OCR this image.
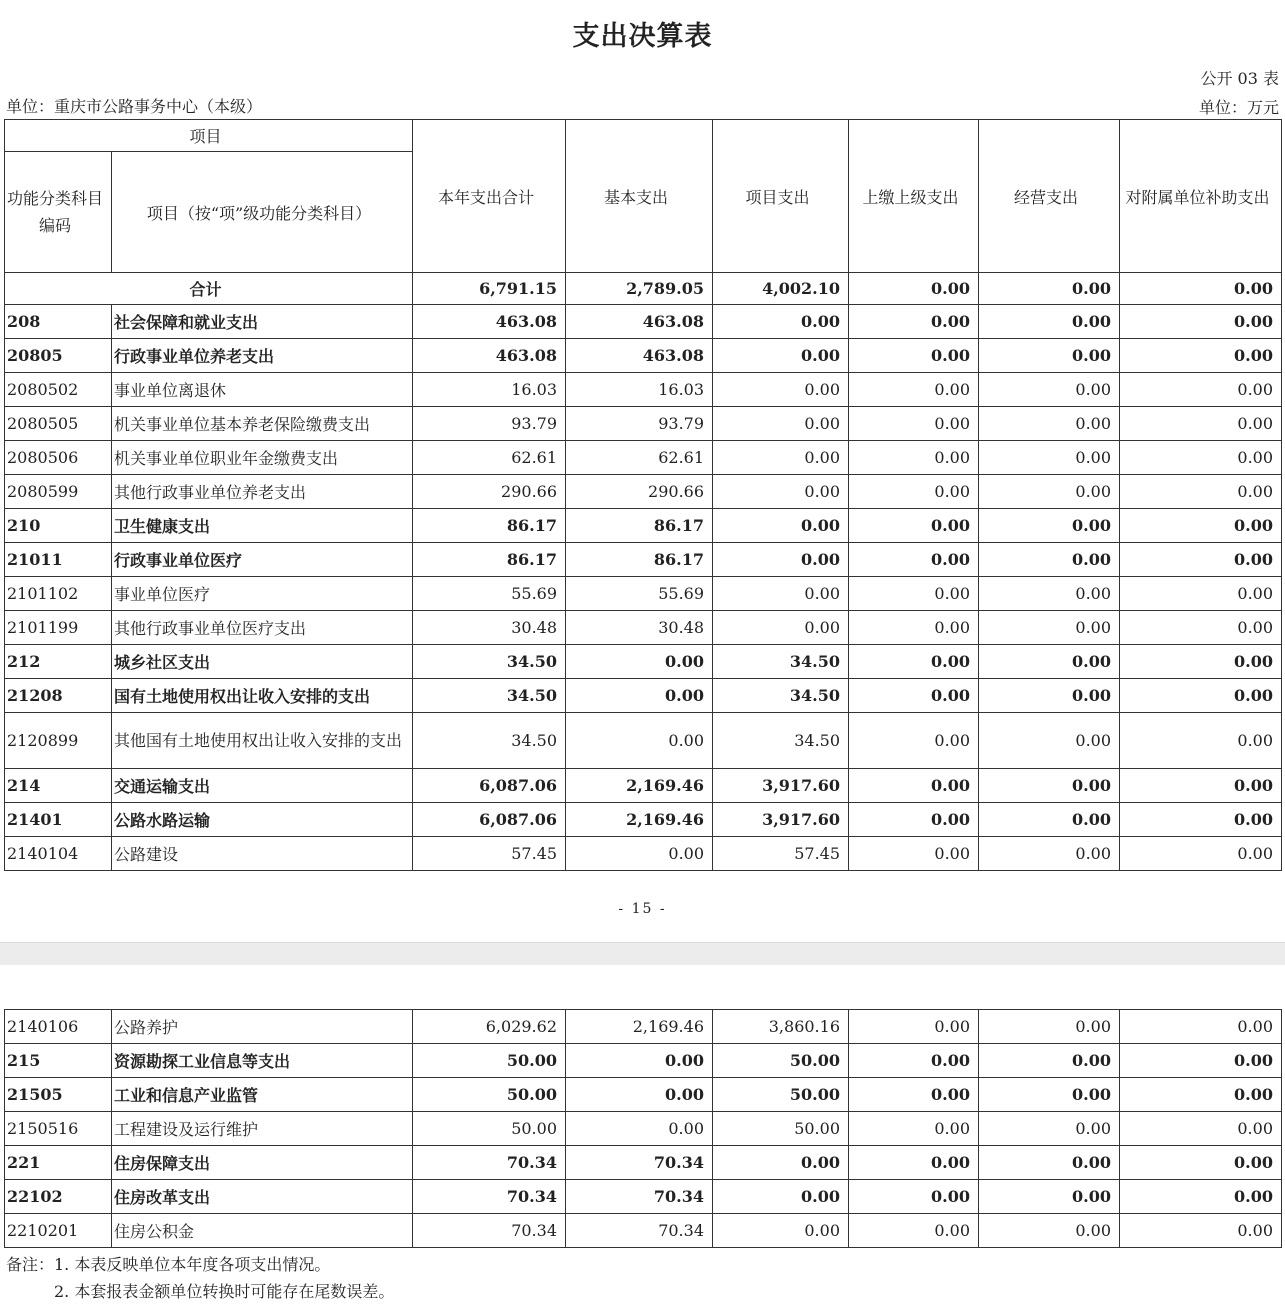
支出决算表
公开 03 表
单位：重庆市公路事务中心（本级）	单位：万元
项目		本年支出合计	基本支出	项目支出	上缴上级支出	经营支出	对附属单位补助支出
功能分类科目编码	项目（按“项”级功能分类科目）						
合计		6,791.15	2,789.05	4,002.10	0.00	0.00	0.00
208	社会保障和就业支出	463.08	463.08	0.00	0.00	0.00	0.00
20805	行政事业单位养老支出	463.08	463.08	0.00	0.00	0.00	0.00
2080502	事业单位离退休	16.03	16.03	0.00	0.00	0.00	0.00
2080505	机关事业单位基本养老保险缴费支出	93.79	93.79	0.00	0.00	0.00	0.00
2080506	机关事业单位职业年金缴费支出	62.61	62.61	0.00	0.00	0.00	0.00
2080599	其他行政事业单位养老支出	290.66	290.66	0.00	0.00	0.00	0.00
210	卫生健康支出	86.17	86.17	0.00	0.00	0.00	0.00
21011	行政事业单位医疗	86.17	86.17	0.00	0.00	0.00	0.00
2101102	事业单位医疗	55.69	55.69	0.00	0.00	0.00	0.00
2101199	其他行政事业单位医疗支出	30.48	30.48	0.00	0.00	0.00	0.00
212	城乡社区支出	34.50	0.00	34.50	0.00	0.00	0.00
21208	国有土地使用权出让收入安排的支出	34.50	0.00	34.50	0.00	0.00	0.00
2120899	其他国有土地使用权出让收入安排的支出	34.50	0.00	34.50	0.00	0.00	0.00
214	交通运输支出	6,087.06	2,169.46	3,917.60	0.00	0.00	0.00
21401	公路水路运输	6,087.06	2,169.46	3,917.60	0.00	0.00	0.00
2140104	公路建设	57.45	0.00	57.45	0.00	0.00	0.00
- 15 -
2140106	公路养护	6,029.62	2,169.46	3,860.16	0.00	0.00	0.00
215	资源勘探工业信息等支出	50.00	0.00	50.00	0.00	0.00	0.00
21505	工业和信息产业监管	50.00	0.00	50.00	0.00	0.00	0.00
2150516	工程建设及运行维护	50.00	0.00	50.00	0.00	0.00	0.00
221	住房保障支出	70.34	70.34	0.00	0.00	0.00	0.00
22102	住房改革支出	70.34	70.34	0.00	0.00	0.00	0.00
2210201	住房公积金	70.34	70.34	0.00	0.00	0.00	0.00
备注：1. 本表反映单位本年度各项支出情况。
2. 本套报表金额单位转换时可能存在尾数误差。
